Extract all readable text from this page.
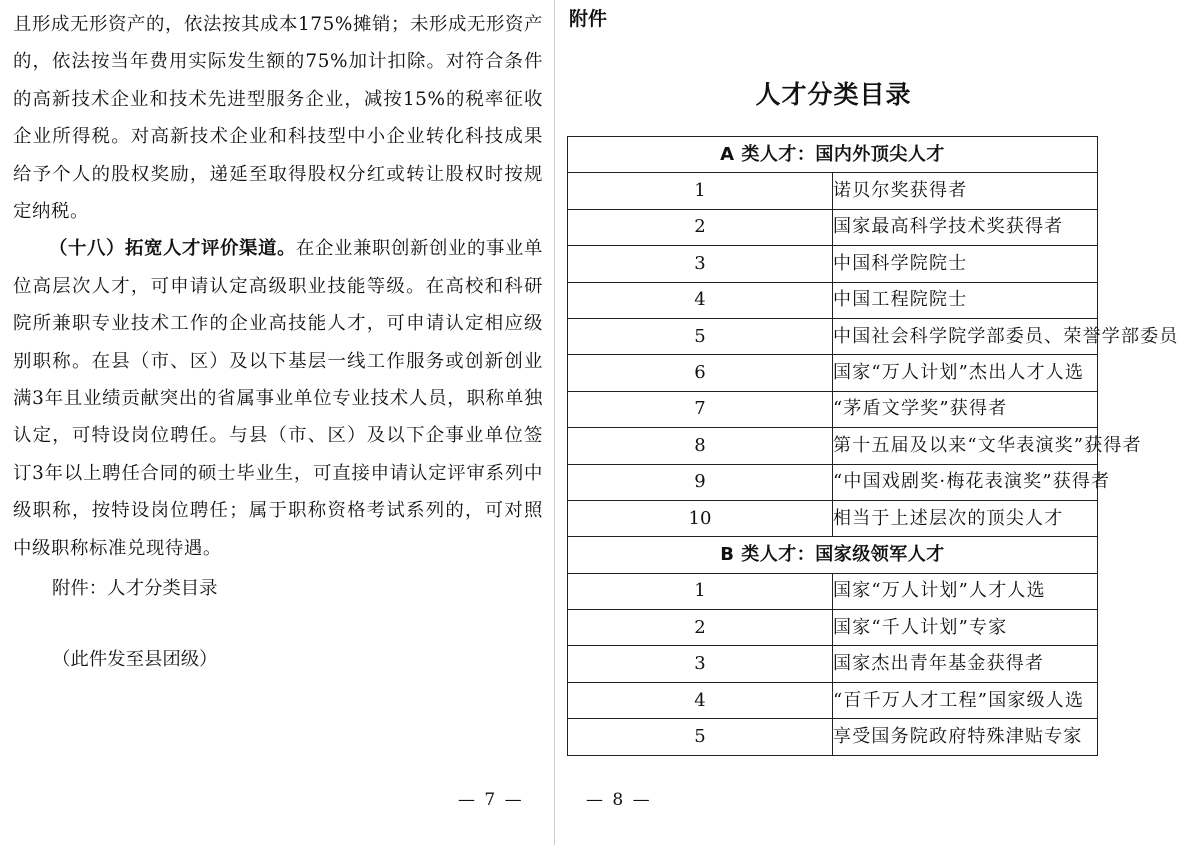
且形成无形资产的，依法按其成本175%摊销；未形成无形资产的，依法按当年费用实际发生额的75%加计扣除。对符合条件的高新技术企业和技术先进型服务企业，减按15%的税率征收企业所得税。对高新技术企业和科技型中小企业转化科技成果给予个人的股权奖励，递延至取得股权分红或转让股权时按规定纳税。

（十八）拓宽人才评价渠道。在企业兼职创新创业的事业单位高层次人才，可申请认定高级职业技能等级。在高校和科研院所兼职专业技术工作的企业高技能人才，可申请认定相应级别职称。在县（市、区）及以下基层一线工作服务或创新创业满3年且业绩贡献突出的省属事业单位专业技术人员，职称单独认定，可特设岗位聘任。与县（市、区）及以下企事业单位签订3年以上聘任合同的硕士毕业生，可直接申请认定评审系列中级职称，按特设岗位聘任；属于职称资格考试系列的，可对照中级职称标准兑现待遇。

附件：人才分类目录
（此件发至县团级）
— 7 —
附件
人才分类目录
A 类人才：国内外顶尖人才	
1	诺贝尔奖获得者
2	国家最高科学技术奖获得者
3	中国科学院院士
4	中国工程院院士
5	中国社会科学院学部委员、荣誉学部委员
6	国家“万人计划”杰出人才人选
7	“茅盾文学奖”获得者
8	第十五届及以来“文华表演奖”获得者
9	“中国戏剧奖·梅花表演奖”获得者
10	相当于上述层次的顶尖人才
B 类人才：国家级领军人才	
1	国家“万人计划”人才人选
2	国家“千人计划”专家
3	国家杰出青年基金获得者
4	“百千万人才工程”国家级人选
5	享受国务院政府特殊津贴专家
— 8 —
